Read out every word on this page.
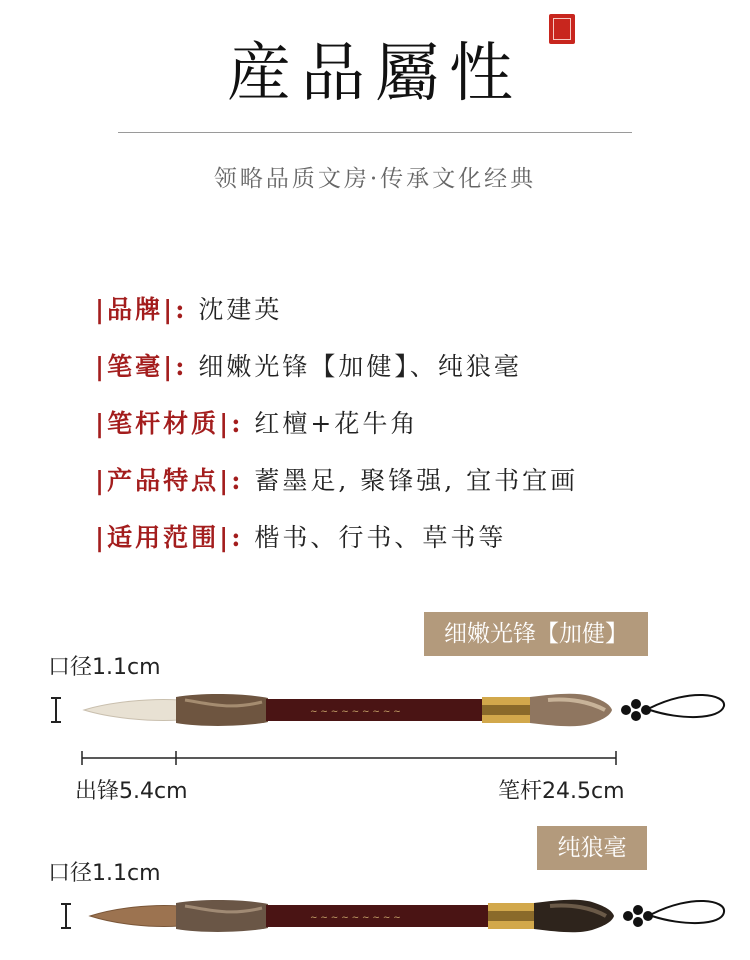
産品屬性
领略品质文房·传承文化经典
|品牌|: 沈建英
|笔毫|: 细嫩光锋【加健】、纯狼毫
|笔杆材质|: 红檀+花牛角
|产品特点|: 蓄墨足, 聚锋强, 宜书宜画
|适用范围|: 楷书、行书、草书等
细嫩光锋【加健】
口径1.1cm
~ ~ ~ ~ ~ ~ ~ ~ ~
出锋5.4cm	笔杆24.5cm
纯狼毫
口径1.1cm
~ ~ ~ ~ ~ ~ ~ ~ ~
